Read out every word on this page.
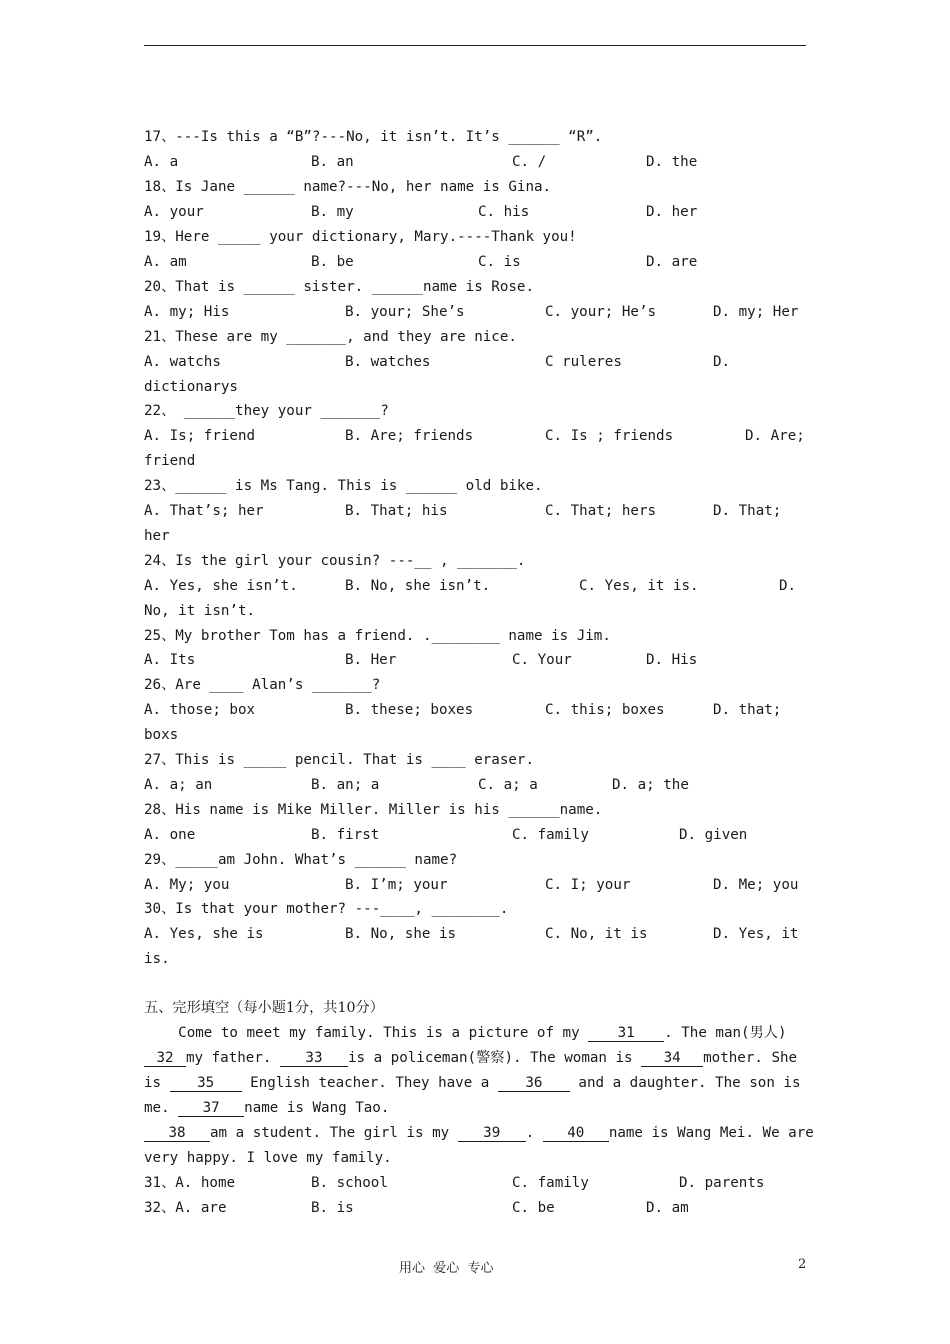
17、---Is this a “B”?---No, it isn’t. It’s ______ “R”.
A. a	B. an	C. /	D. the
18、Is Jane ______ name?---No, her name is Gina.
A. your	B. my	C. his	D. her
19、Here _____ your dictionary, Mary.----Thank you!
A. am	B. be	C. is	D. are
20、That is ______ sister. ______name is Rose.
A. my; His	B. your; She’s	C. your; He’s	D. my; Her
21、These are my _______, and they are nice.
A. watchs	B. watches	C ruleres	D.
dictionarys
22、 ______they your _______?
A. Is; friend	B. Are; friends	C. Is ; friends	D. Are;
friend
23、______ is Ms Tang. This is ______ old bike.
A. That’s; her	B. That; his	C. That; hers	D. That;
her
24、Is the girl your cousin? ---__ , _______.
A. Yes, she isn’t.	B. No, she isn’t.	C. Yes, it is.	D.
No, it isn’t.
25、My brother Tom has a friend. .________ name is Jim.
A. Its	B. Her	C. Your	D. His
26、Are ____ Alan’s _______?
A. those; box	B. these; boxes	C. this; boxes	D. that;
boxs
27、This is _____ pencil. That is ____ eraser.
A. a; an	B. an; a	C. a; a	D. a; the
28、His name is Mike Miller. Miller is his ______name.
A. one	B. first	C. family	D. given
29、_____am John. What’s ______ name?
A. My; you	B. I’m; your	C. I; your	D. Me; you
30、Is that your mother? ---____, ________.
A. Yes, she is	B. No, she is	C. No, it is	D. Yes, it
is.
五、完形填空（每小题1分，共10分）
Come to meet my family. This is a picture of my 31 . The man(男人)
32 my father. 33 is a policeman(警察). The woman is 34 mother. She
is 35 English teacher. They have a 36 and a daughter. The son is
me. 37 name is Wang Tao.
38 am a student. The girl is my 39 . 40 name is Wang Mei. We are
very happy. I love my family.
31、A. home	B. school	C. family	D. parents
32、A. are	B. is	C. be	D. am
用心  爱心  专心	2
